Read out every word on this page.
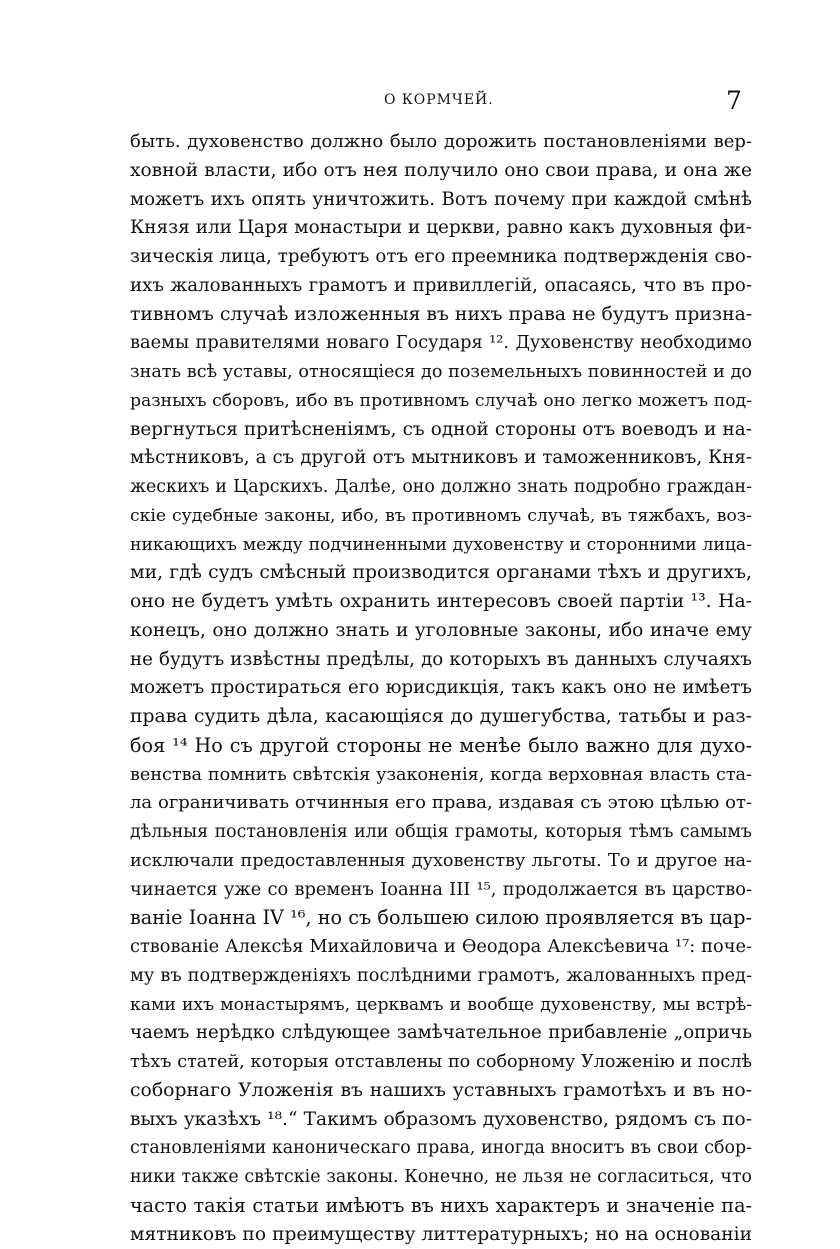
О КОРМЧЕЙ.	7
быть. духовенство должно было дорожить постановленіями вер-
ховной власти, ибо отъ нея получило оно свои права, и она же
можетъ ихъ опять уничтожить. Вотъ почему при каждой смѣнѣ
Князя или Царя монастыри и церкви, равно какъ духовныя фи-
зическія лица, требуютъ отъ его преемника подтвержденія сво-
ихъ жалованныхъ грамотъ и привиллегій, опасаясь, что въ про-
тивномъ случаѣ изложенныя въ нихъ права не будутъ призна-
ваемы правителями новаго Государя ¹². Духовенству необходимо
знать всѣ уставы, относящіеся до поземельныхъ повинностей и до
разныхъ сборовъ, ибо въ противномъ случаѣ оно легко можетъ под-
вергнуться притѣсненіямъ, съ одной стороны отъ воеводъ и на-
мѣстниковъ, а съ другой отъ мытниковъ и таможенниковъ, Кня-
жескихъ и Царскихъ. Далѣе, оно должно знать подробно граждан-
скіе судебные законы, ибо, въ противномъ случаѣ, въ тяжбахъ, воз-
никающихъ между подчиненными духовенству и сторонними лица-
ми, гдѣ судъ смѣсный производится органами тѣхъ и другихъ,
оно не будетъ умѣть охранить интересовъ своей партіи ¹³. На-
конецъ, оно должно знать и уголовные законы, ибо иначе ему
не будутъ извѣстны предѣлы, до которыхъ въ данныхъ случаяхъ
можетъ простираться его юрисдикція, такъ какъ оно не имѣетъ
права судить дѣла, касающіяся до душегубства, татьбы и раз-
боя ¹⁴ Но съ другой стороны не менѣе было важно для духо-
венства помнить свѣтскія узаконенія, когда верховная власть ста-
ла ограничивать отчинныя его права, издавая съ этою цѣлью от-
дѣльныя постановленія или общія грамоты, которыя тѣмъ самымъ
исключали предоставленныя духовенству льготы. То и другое на-
чинается уже со временъ Іоанна III ¹⁵, продолжается въ царство-
ваніе Іоанна IV ¹⁶, но съ большею силою проявляется въ цар-
ствованіе Алексѣя Михайловича и Ѳеодора Алексѣевича ¹⁷: поче-
му въ подтвержденіяхъ послѣдними грамотъ, жалованныхъ пред-
ками ихъ монастырямъ, церквамъ и вообще духовенству, мы встрѣ-
чаемъ нерѣдко слѣдующее замѣчательное прибавленіе „опричь
тѣхъ статей, которыя отставлены по соборному Уложенію и послѣ
соборнаго Уложенія въ нашихъ уставныхъ грамотѣхъ и въ но-
выхъ указѣхъ ¹⁸.“ Такимъ образомъ духовенство, рядомъ съ по-
становленіями каноническаго права, иногда вноситъ въ свои сбор-
ники также свѣтскіе законы. Конечно, не льзя не согласиться, что
часто такія статьи имѣютъ въ нихъ характеръ и значеніе па-
мятниковъ по преимуществу литтературныхъ; но на основаніи
